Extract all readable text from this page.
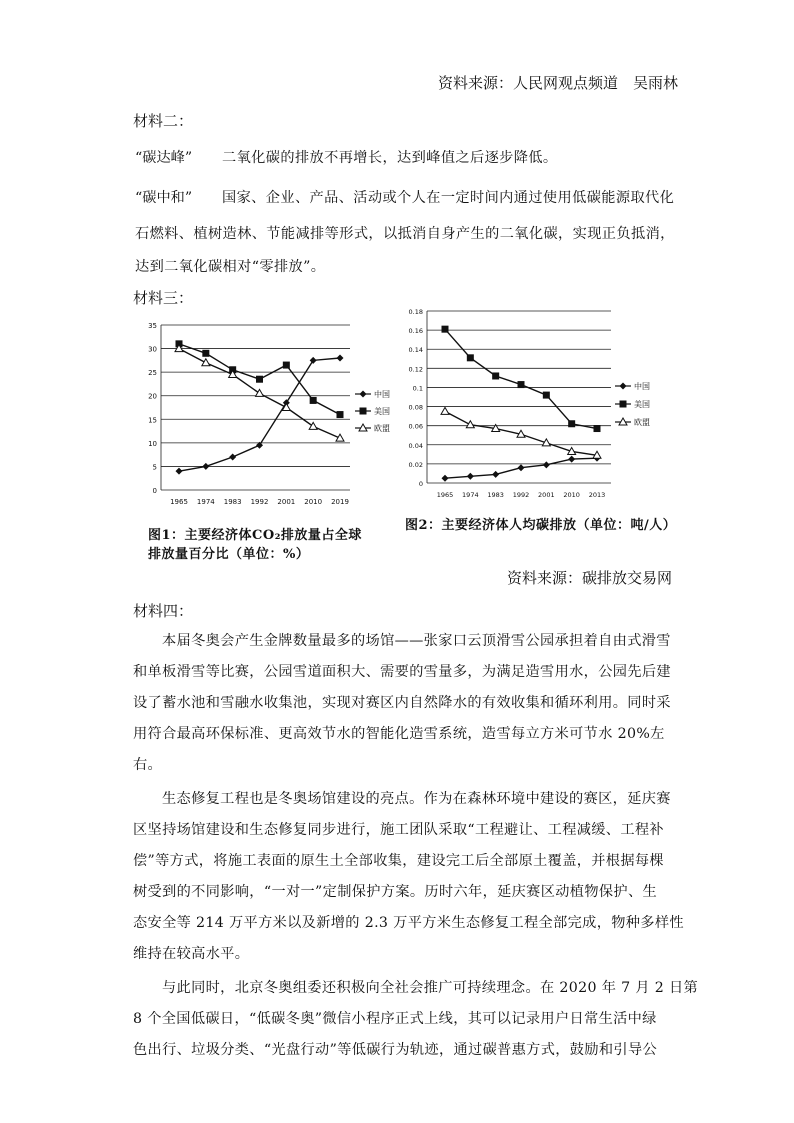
资料来源：人民网观点频道　吴雨林
材料二：
“碳达峰” 二氧化碳的排放不再增长，达到峰值之后逐步降低。
“碳中和” 国家、企业、产品、活动或个人在一定时间内通过使用低碳能源取代化
石燃料、植树造林、节能减排等形式，以抵消自身产生的二氧化碳，实现正负抵消，
达到二氧化碳相对“零排放”。
材料三：
0
5
10
15
20
25
30
35
1965 1974 1983 1992 2001 2010 2019
中国
美国
欧盟
图1：主要经济体CO₂排放量占全球
排放量百分比（单位：%）
0
0.02
0.04
0.06
0.08
0.1
0.12
0.14
0.16
0.18
1965 1974 1983 1992 2001 2010 2013
中国
美国
欧盟
图2：主要经济体人均碳排放（单位：吨/人）
资料来源：碳排放交易网
材料四：
本届冬奥会产生金牌数量最多的场馆——张家口云顶滑雪公园承担着自由式滑雪
和单板滑雪等比赛，公园雪道面积大、需要的雪量多，为满足造雪用水，公园先后建
设了蓄水池和雪融水收集池，实现对赛区内自然降水的有效收集和循环利用。同时采
用符合最高环保标准、更高效节水的智能化造雪系统，造雪每立方米可节水 20%左
右。
生态修复工程也是冬奥场馆建设的亮点。作为在森林环境中建设的赛区，延庆赛
区坚持场馆建设和生态修复同步进行，施工团队采取“工程避让、工程减缓、工程补
偿”等方式，将施工表面的原生土全部收集，建设完工后全部原土覆盖，并根据每棵
树受到的不同影响，“一对一”定制保护方案。历时六年，延庆赛区动植物保护、生
态安全等 214 万平方米以及新增的 2.3 万平方米生态修复工程全部完成，物种多样性
维持在较高水平。
与此同时，北京冬奥组委还积极向全社会推广可持续理念。在 2020 年 7 月 2 日第
8 个全国低碳日，“低碳冬奥”微信小程序正式上线，其可以记录用户日常生活中绿
色出行、垃圾分类、“光盘行动”等低碳行为轨迹，通过碳普惠方式，鼓励和引导公
